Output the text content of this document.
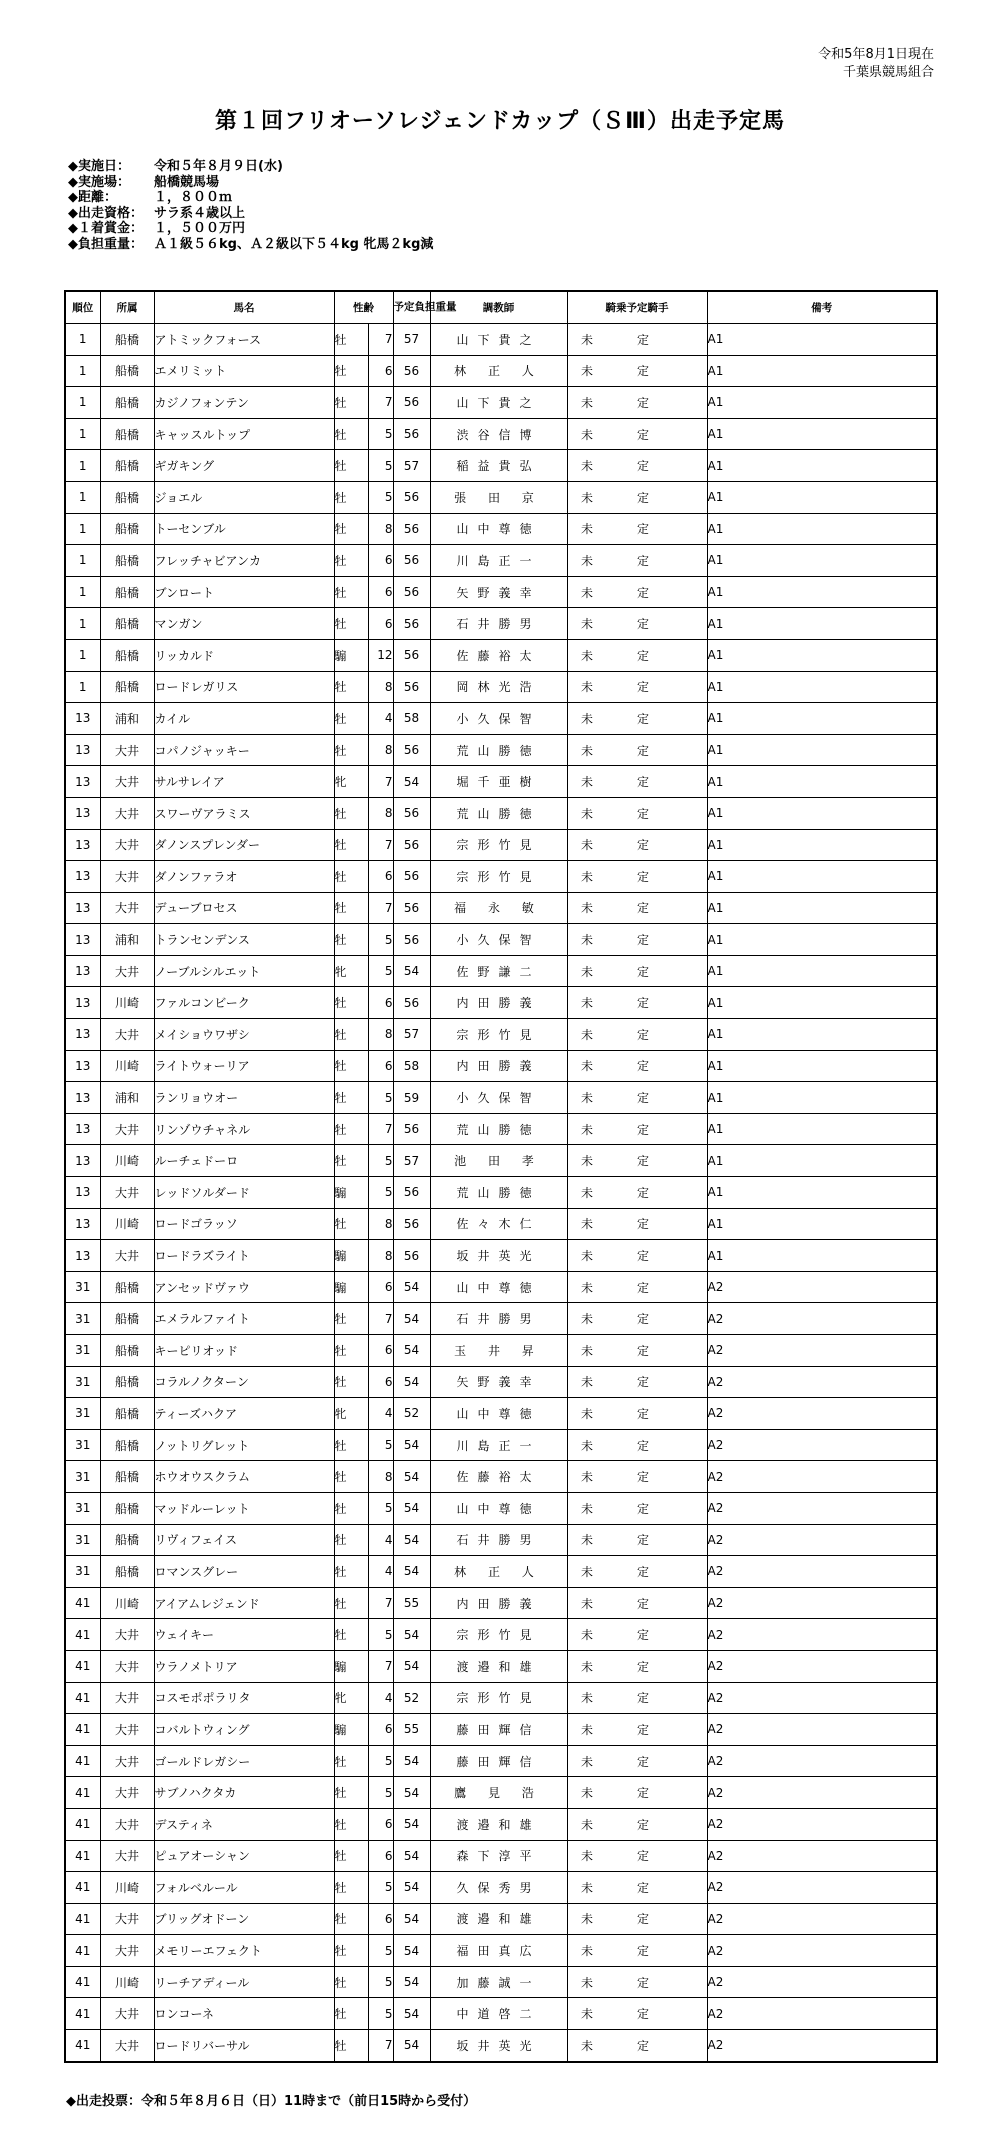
令和5年8月1日現在
千葉県競馬組合
第１回フリオーソレジェンドカップ（ＳⅢ）出走予定馬
◆実施日：	令和５年８月９日(水)
◆実施場：	船橋競馬場
◆距離：	１，８００ｍ
◆出走資格： サラ系４歳以上
◆１着賞金： １，５００万円
◆負担重量： Ａ１級５６kg、Ａ２級以下５４kg 牝馬２kg減
順位	所属	馬名	性齢		予定負担重量	調教師	騎乗予定騎手	備考
1	船橋	アトミックフォース	牡	7	57	山下貴之	未定	A1
1	船橋	エメリミット	牡	6	56	林 正 人	未定	A1
1	船橋	カジノフォンテン	牡	7	56	山下貴之	未定	A1
1	船橋	キャッスルトップ	牡	5	56	渋谷信博	未定	A1
1	船橋	ギガキング	牡	5	57	稲益貴弘	未定	A1
1	船橋	ジョエル	牡	5	56	張 田 京	未定	A1
1	船橋	トーセンブル	牡	8	56	山中尊徳	未定	A1
1	船橋	フレッチャビアンカ	牡	6	56	川島正一	未定	A1
1	船橋	ブンロート	牡	6	56	矢野義幸	未定	A1
1	船橋	マンガン	牡	6	56	石井勝男	未定	A1
1	船橋	リッカルド	騸	12	56	佐藤裕太	未定	A1
1	船橋	ロードレガリス	牡	8	56	岡林光浩	未定	A1
13	浦和	カイル	牡	4	58	小久保智	未定	A1
13	大井	コパノジャッキー	牡	8	56	荒山勝徳	未定	A1
13	大井	サルサレイア	牝	7	54	堀千亜樹	未定	A1
13	大井	スワーヴアラミス	牡	8	56	荒山勝徳	未定	A1
13	大井	ダノンスプレンダー	牡	7	56	宗形竹見	未定	A1
13	大井	ダノンファラオ	牡	6	56	宗形竹見	未定	A1
13	大井	デューブロセス	牡	7	56	福 永 敏	未定	A1
13	浦和	トランセンデンス	牡	5	56	小久保智	未定	A1
13	大井	ノーブルシルエット	牝	5	54	佐野謙二	未定	A1
13	川崎	ファルコンビーク	牡	6	56	内田勝義	未定	A1
13	大井	メイショウワザシ	牡	8	57	宗形竹見	未定	A1
13	川崎	ライトウォーリア	牡	6	58	内田勝義	未定	A1
13	浦和	ランリョウオー	牡	5	59	小久保智	未定	A1
13	大井	リンゾウチャネル	牡	7	56	荒山勝徳	未定	A1
13	川崎	ルーチェドーロ	牡	5	57	池 田 孝	未定	A1
13	大井	レッドソルダード	騸	5	56	荒山勝徳	未定	A1
13	川崎	ロードゴラッソ	牡	8	56	佐々木仁	未定	A1
13	大井	ロードラズライト	騸	8	56	坂井英光	未定	A1
31	船橋	アンセッドヴァウ	騸	6	54	山中尊徳	未定	A2
31	船橋	エメラルファイト	牡	7	54	石井勝男	未定	A2
31	船橋	キーピリオッド	牡	6	54	玉 井 昇	未定	A2
31	船橋	コラルノクターン	牡	6	54	矢野義幸	未定	A2
31	船橋	ティーズハクア	牝	4	52	山中尊徳	未定	A2
31	船橋	ノットリグレット	牡	5	54	川島正一	未定	A2
31	船橋	ホウオウスクラム	牡	8	54	佐藤裕太	未定	A2
31	船橋	マッドルーレット	牡	5	54	山中尊徳	未定	A2
31	船橋	リヴィフェイス	牡	4	54	石井勝男	未定	A2
31	船橋	ロマンスグレー	牡	4	54	林 正 人	未定	A2
41	川崎	アイアムレジェンド	牡	7	55	内田勝義	未定	A2
41	大井	ウェイキー	牡	5	54	宗形竹見	未定	A2
41	大井	ウラノメトリア	騸	7	54	渡邉和雄	未定	A2
41	大井	コスモポポラリタ	牝	4	52	宗形竹見	未定	A2
41	大井	コバルトウィング	騸	6	55	藤田輝信	未定	A2
41	大井	ゴールドレガシー	牡	5	54	藤田輝信	未定	A2
41	大井	サブノハクタカ	牡	5	54	鷹 見 浩	未定	A2
41	大井	デスティネ	牡	6	54	渡邉和雄	未定	A2
41	大井	ピュアオーシャン	牡	6	54	森下淳平	未定	A2
41	川崎	フォルベルール	牡	5	54	久保秀男	未定	A2
41	大井	ブリッグオドーン	牡	6	54	渡邉和雄	未定	A2
41	大井	メモリーエフェクト	牡	5	54	福田真広	未定	A2
41	川崎	リーチアディール	牡	5	54	加藤誠一	未定	A2
41	大井	ロンコーネ	牡	5	54	中道啓二	未定	A2
41	大井	ロードリバーサル	牡	7	54	坂井英光	未定	A2
◆出走投票：令和５年８月６日（日）11時まで（前日15時から受付）
